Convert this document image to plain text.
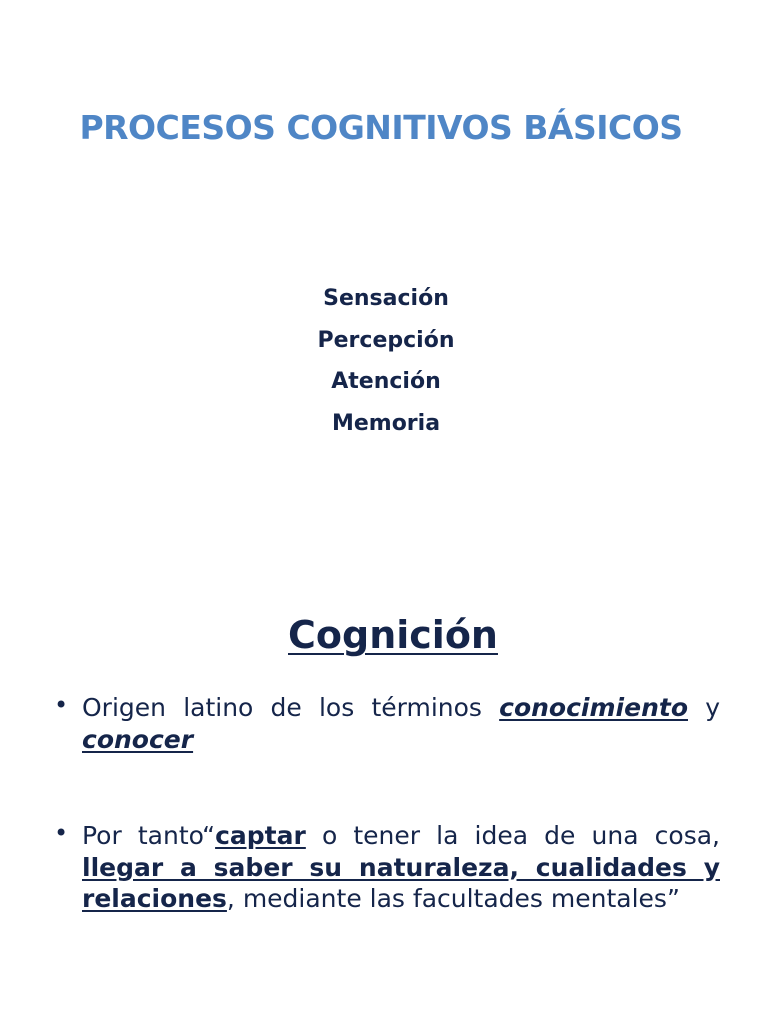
PROCESOS COGNITIVOS BÁSICOS
Sensación
Percepción
Atención
Memoria
Cognición

• Origen latino de los términos conocimiento y conocer

• Por tanto“captar o tener la idea de una cosa, llegar a saber su naturaleza, cualidades y relaciones, mediante las facultades mentales”
